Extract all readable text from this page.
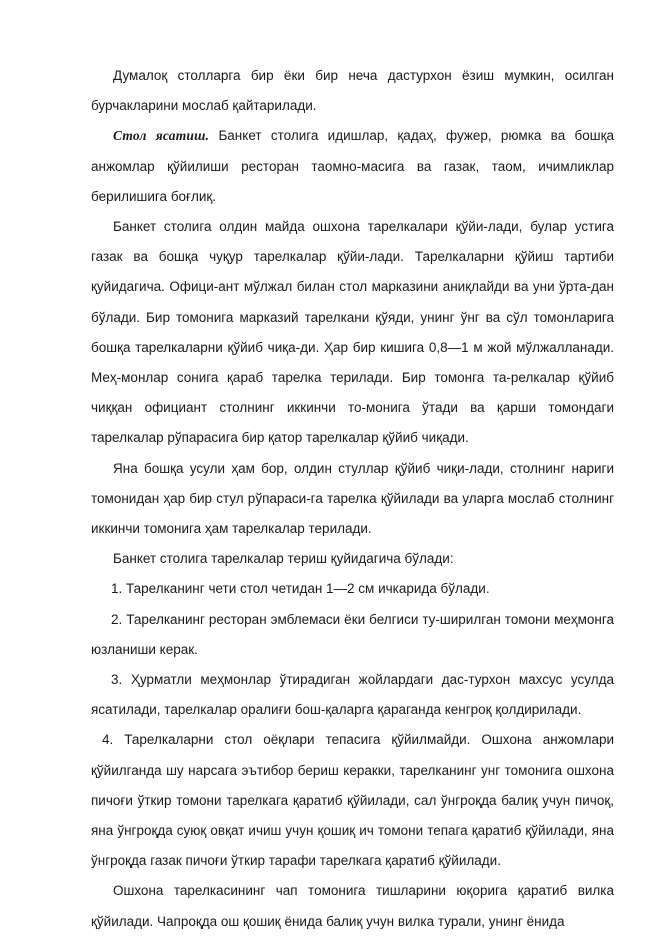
Думалоқ столларга бир ёки бир неча дастурхон ёзиш мумкин, осилган бурчакларини мослаб қайтарилади.

Стол ясатиш. Банкет столига идишлар, қадаҳ, фужер, рюмка ва бошқа анжомлар қўйилиши ресторан таомно-масига ва газак, таом, ичимликлар берилишига боғлиқ.

Банкет столига олдин майда ошхона тарелкалари қўйи-лади, булар устига газак ва бошқа чуқур тарелкалар қўйи-лади. Тарелкаларни қўйиш тартиби қуйидагича. Офици-ант мўлжал билан стол марказини аниқлайди ва уни ўрта-дан бўлади. Бир томонига марказий тарелкани қўяди, унинг ўнг ва сўл томонларига бошқа тарелкаларни қўйиб чиқа-ди. Ҳар бир кишига 0,8—1 м жой мўлжалланади. Меҳ-монлар сонига қараб тарелка терилади. Бир томонга та-релкалар қўйиб чиққан официант столнинг иккинчи то-монига ўтади ва қарши томондаги тарелкалар рўпарасига бир қатор тарелкалар қўйиб чиқади.

Яна бошқа усули ҳам бор, олдин стуллар қўйиб чиқи-лади, столнинг нариги томонидан ҳар бир стул рўпараси-га тарелка қўйилади ва уларга мослаб столнинг иккинчи томонига ҳам тарелкалар терилади.

Банкет столига тарелкалар териш қуйидагича бўлади:

1. Тарелканинг чети стол четидан 1—2 см ичкарида бўлади.

2. Тарелканинг ресторан эмблемаси ёки белгиси ту-ширилган томони меҳмонга юзланиши керак.

3. Ҳурматли меҳмонлар ўтирадиган жойлардаги дас-турхон махсус усулда ясатилади, тарелкалар оралиғи бош-қаларга қараганда кенгроқ қолдирилади.

4. Тарелкаларни стол оёқлари тепасига қўйилмайди. Ошхона анжомлари қўйилганда шу нарсага эътибор бериш керакки, тарелканинг унг томонига ошхона пичоғи ўткир томони тарелкага қаратиб қўйилади, сал ўнгроқда балиқ учун пичоқ, яна ўнгроқда суюқ овқат ичиш учун қошиқ ич томони тепага қаратиб қўйилади, яна ўнгроқда газак пичоғи ўткир тарафи тарелкага қаратиб қўйилади.

Ошхона тарелкасининг чап томонига тишларини юқорига қаратиб вилка қўйилади. Чапроқда ош қошиқ ёнида балиқ учун вилка турали, унинг ёнида
